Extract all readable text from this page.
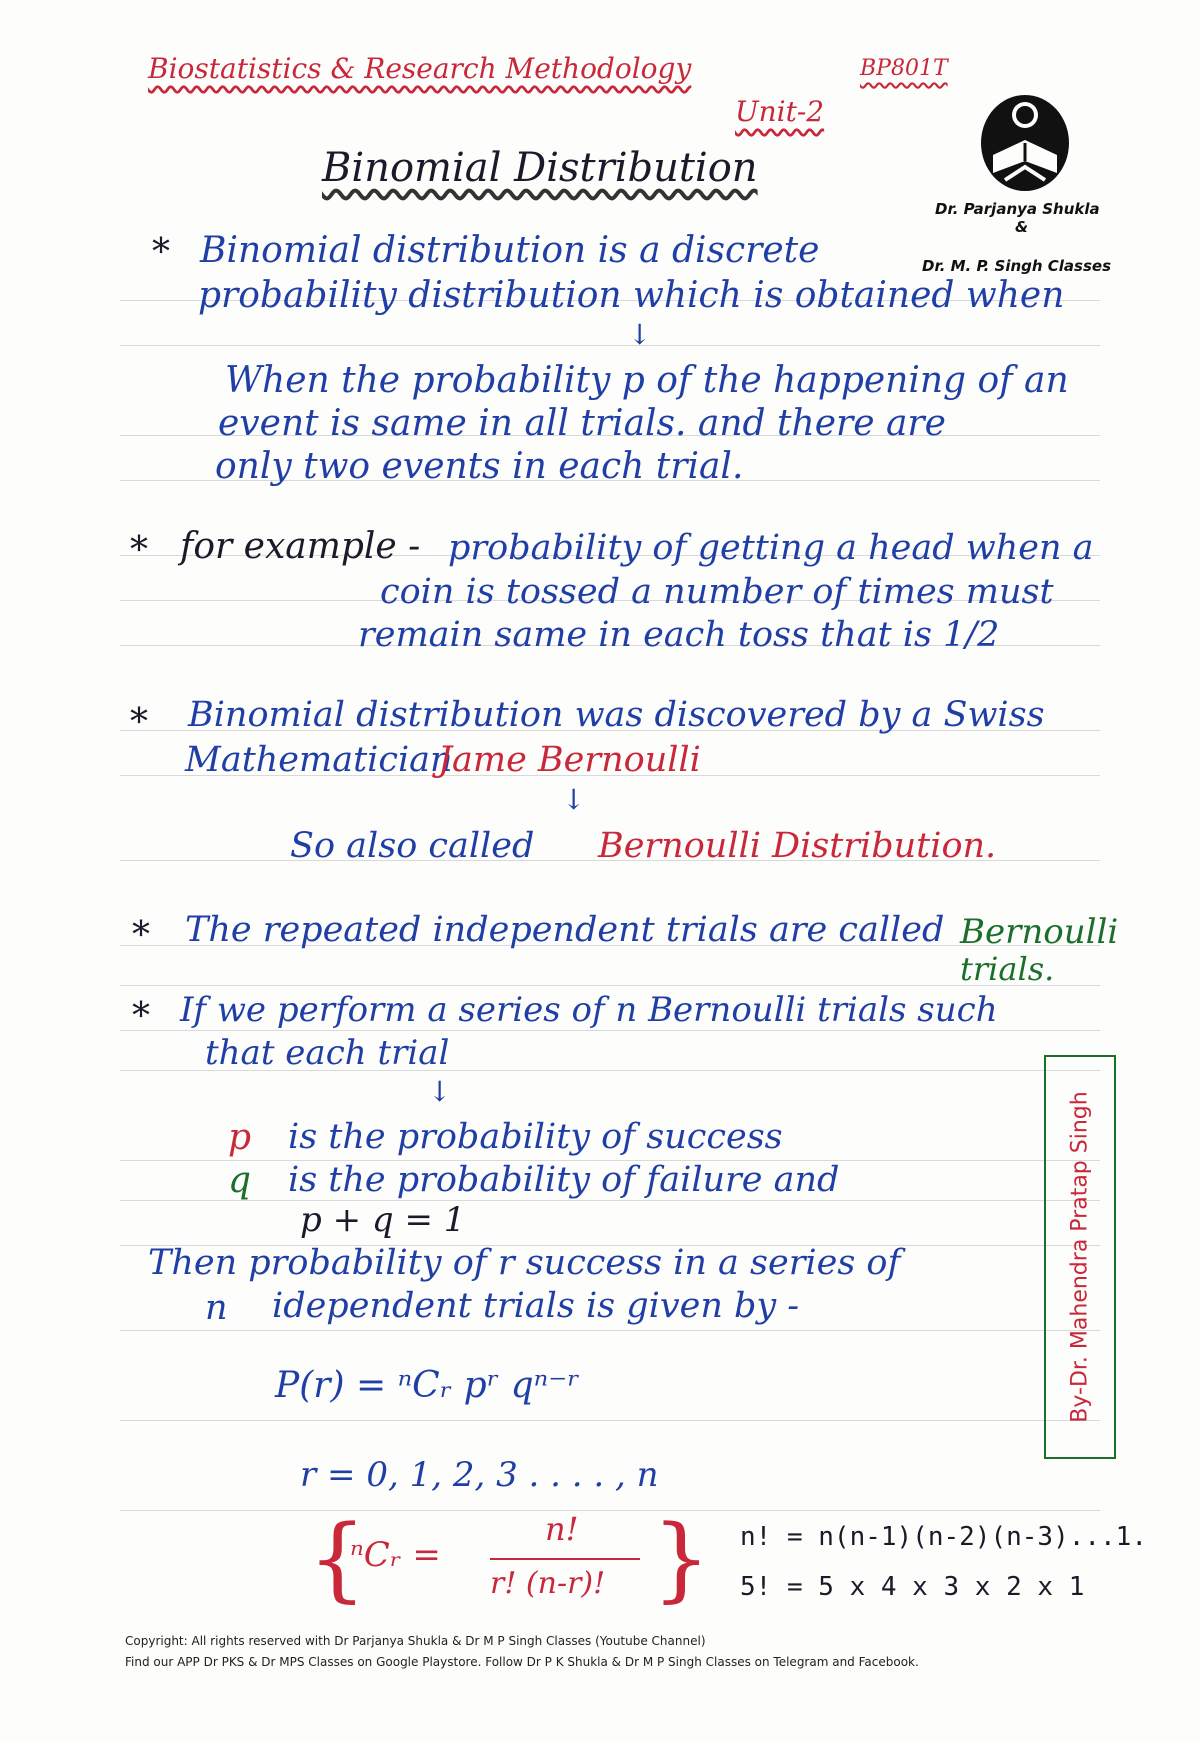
Biostatistics & Research Methodology	BP801T
Unit-2
Dr. Parjanya Shukla
&
Dr. M. P. Singh Classes
Binomial Distribution
* Binomial distribution is a discrete
probability distribution which is obtained when
↓
When the probability p of the happening of an
event is same in all trials. and there are
only two events in each trial.
* for example - probability of getting a head when a
coin is tossed a number of times must
remain same in each toss that is 1/2
* Binomial distribution was discovered by a Swiss
Mathematician
Jame Bernoulli
↓
So also called Bernoulli Distribution.
* The repeated independent trials are called Bernoulli
trials.
* If we perform a series of n Bernoulli trials such
that each trial
↓
p is the probability of success
q is the probability of failure and
p + q = 1
Then probability of r success in a series of
n idependent trials is given by -
P(r) = ⁿCᵣ pʳ qⁿ⁻ʳ
r = 0, 1, 2, 3 . . . . , n
{
ⁿCᵣ =
n!
r! (n-r)! } n! = n(n-1)(n-2)(n-3)...1.
5! = 5 x 4 x 3 x 2 x 1
By-Dr. Mahendra Pratap Singh
Copyright: All rights reserved with Dr Parjanya Shukla & Dr M P Singh Classes (Youtube Channel)
Find our APP Dr PKS & Dr MPS Classes on Google Playstore. Follow Dr P K Shukla & Dr M P Singh Classes on Telegram and Facebook.
